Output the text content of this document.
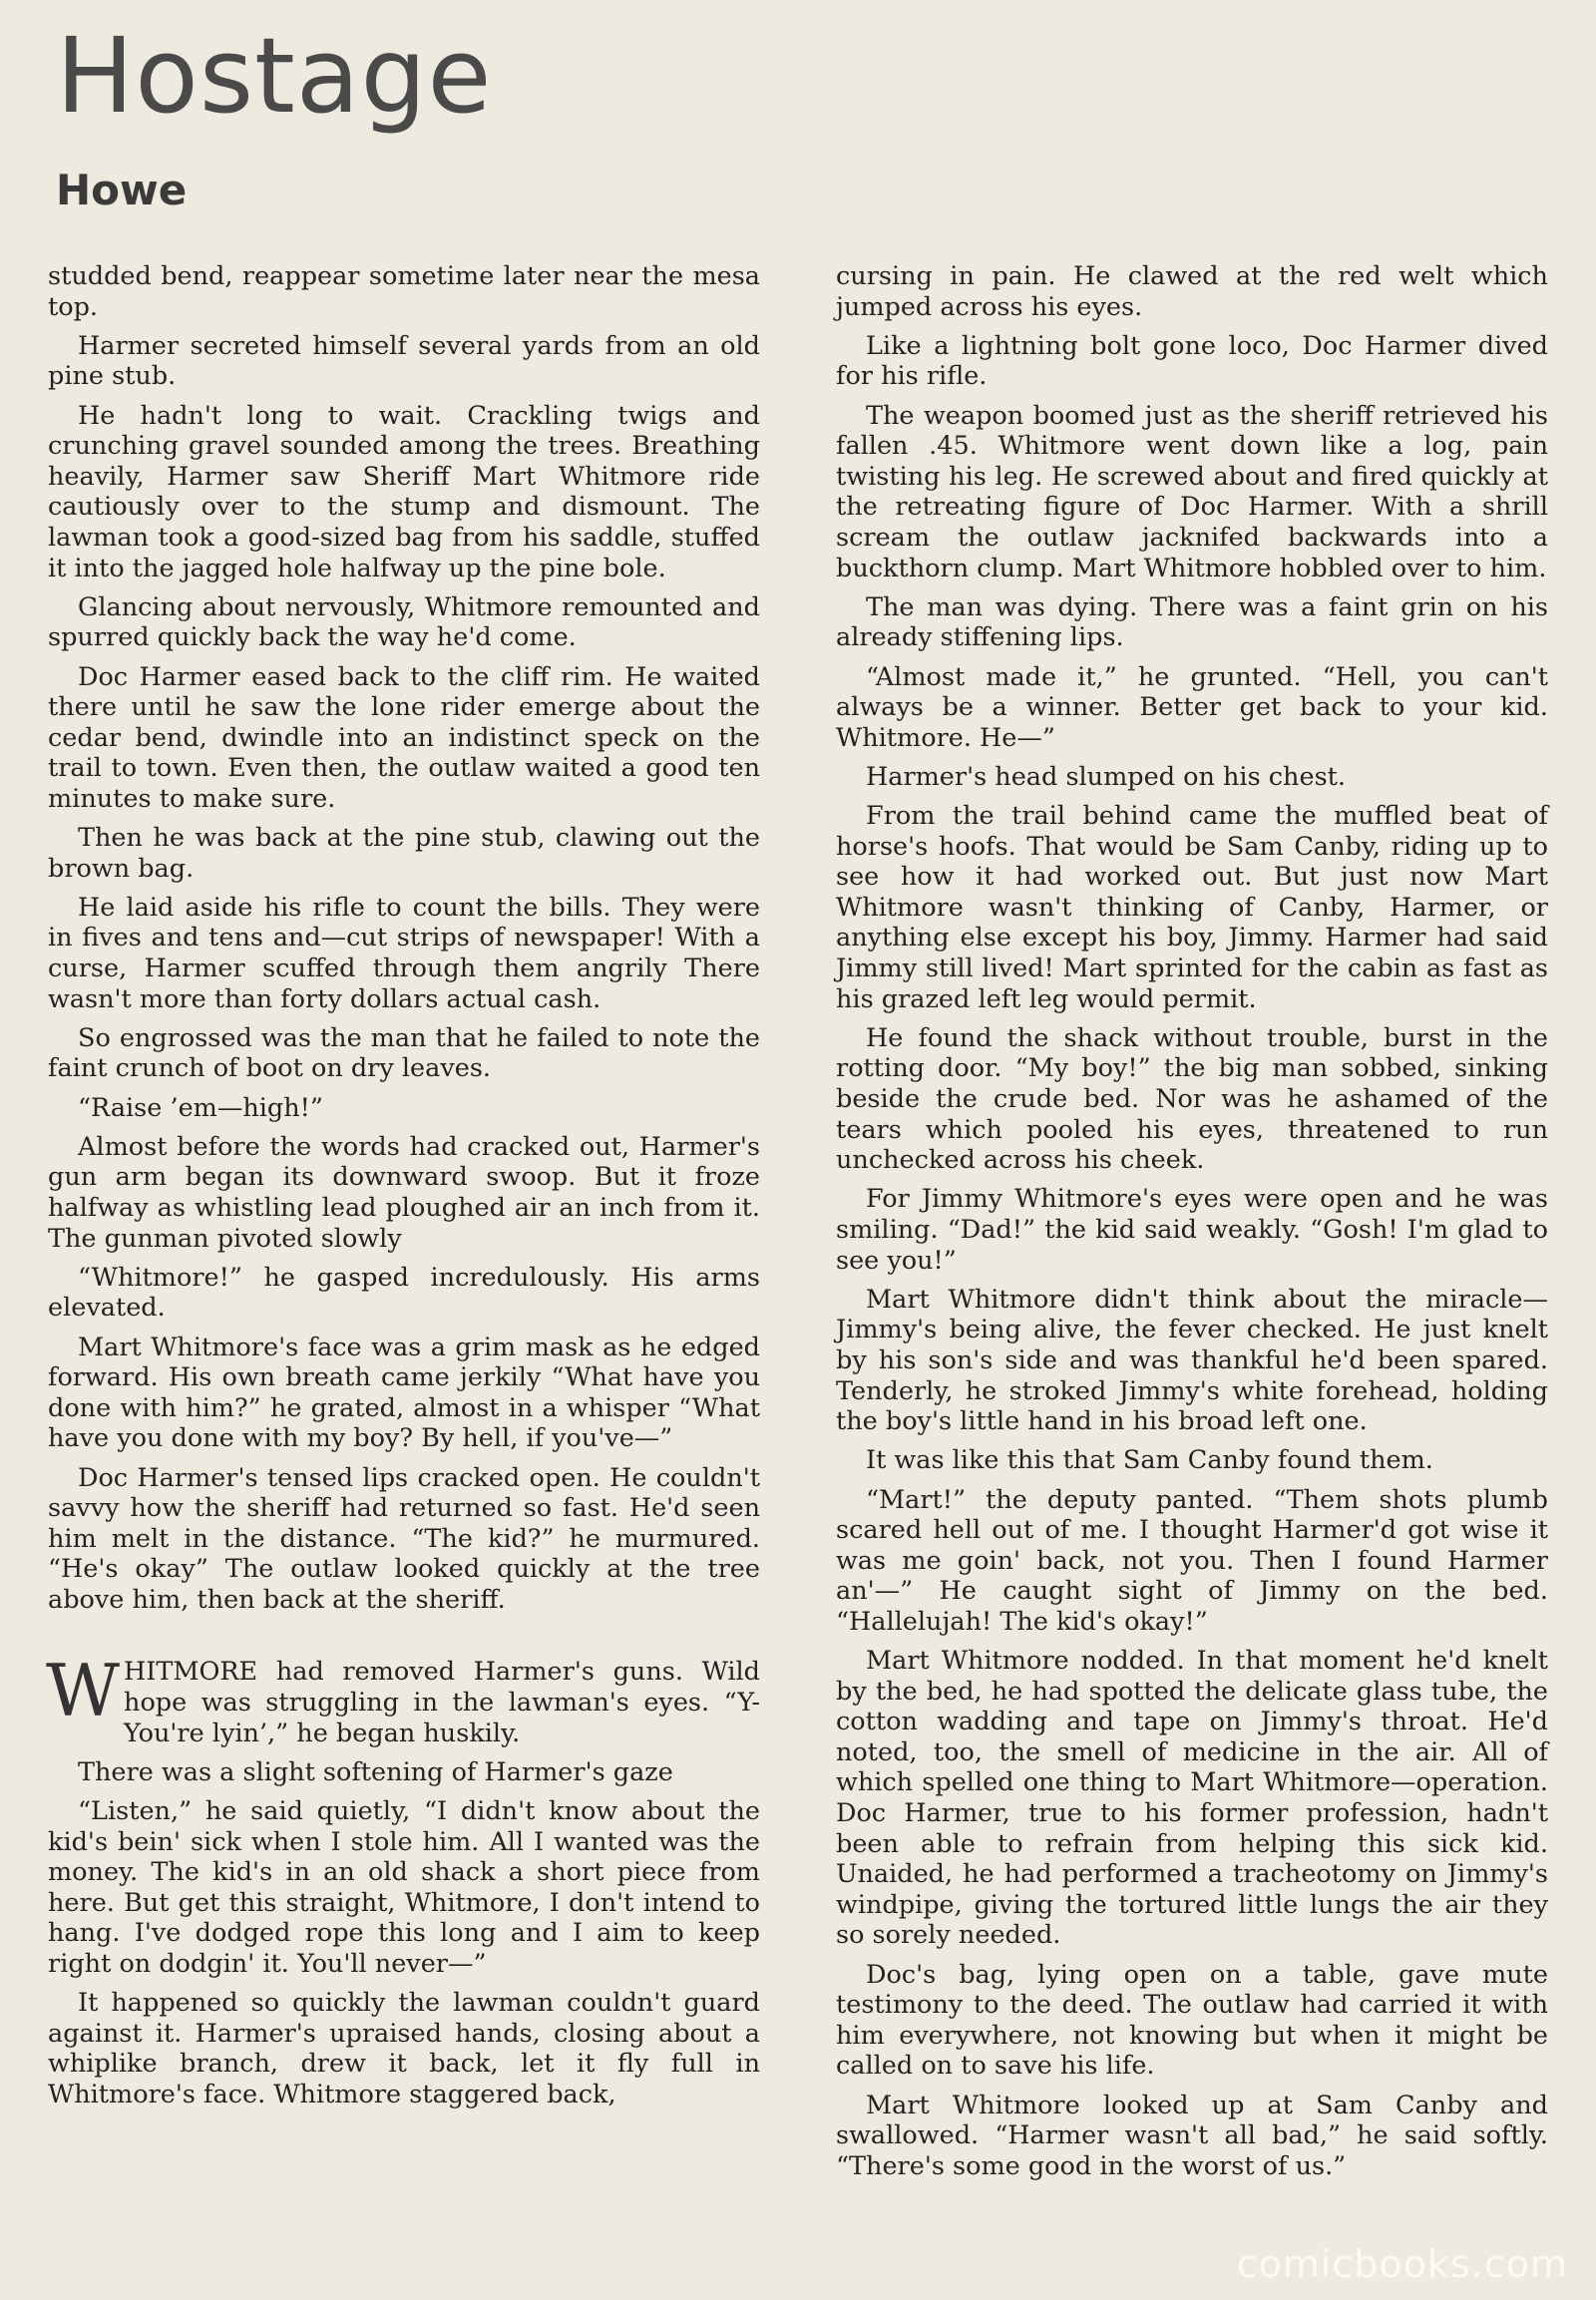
Hostage
Howe

studded bend, reappear sometime later near the mesa top.

Harmer secreted himself several yards from an old pine stub.

He hadn't long to wait. Crackling twigs and crunching gravel sounded among the trees. Breathing heavily, Harmer saw Sheriff Mart Whitmore ride cautiously over to the stump and dismount. The lawman took a good-sized bag from his saddle, stuffed it into the jagged hole halfway up the pine bole.

Glancing about nervously, Whitmore remounted and spurred quickly back the way he'd come.

Doc Harmer eased back to the cliff rim. He waited there until he saw the lone rider emerge about the cedar bend, dwindle into an indistinct speck on the trail to town. Even then, the outlaw waited a good ten minutes to make sure.

Then he was back at the pine stub, clawing out the brown bag.

He laid aside his rifle to count the bills. They were in fives and tens and—cut strips of newspaper! With a curse, Harmer scuffed through them angrily There wasn't more than forty dollars actual cash.

So engrossed was the man that he failed to note the faint crunch of boot on dry leaves.

“Raise ’em—high!”

Almost before the words had cracked out, Harmer's gun arm began its downward swoop. But it froze halfway as whistling lead ploughed air an inch from it. The gunman pivoted slowly

“Whitmore!” he gasped incredulously. His arms elevated.

Mart Whitmore's face was a grim mask as he edged forward. His own breath came jerkily “What have you done with him?” he grated, almost in a whisper “What have you done with my boy? By hell, if you've—”

Doc Harmer's tensed lips cracked open. He couldn't savvy how the sheriff had returned so fast. He'd seen him melt in the distance. “The kid?” he murmured. “He's okay” The outlaw looked quickly at the tree above him, then back at the sheriff.

WHITMORE had removed Harmer's guns. Wild hope was struggling in the lawman's eyes. “Y-You're lyin’,” he began huskily.

There was a slight softening of Harmer's gaze

“Listen,” he said quietly, “I didn't know about the kid's bein' sick when I stole him. All I wanted was the money. The kid's in an old shack a short piece from here. But get this straight, Whitmore, I don't intend to hang. I've dodged rope this long and I aim to keep right on dodgin' it. You'll never—”

It happened so quickly the lawman couldn't guard against it. Harmer's upraised hands, closing about a whiplike branch, drew it back, let it fly full in Whitmore's face. Whitmore staggered back,

cursing in pain. He clawed at the red welt which jumped across his eyes.

Like a lightning bolt gone loco, Doc Harmer dived for his rifle.

The weapon boomed just as the sheriff retrieved his fallen .45. Whitmore went down like a log, pain twisting his leg. He screwed about and fired quickly at the retreating figure of Doc Harmer. With a shrill scream the outlaw jacknifed backwards into a buckthorn clump. Mart Whitmore hobbled over to him.

The man was dying. There was a faint grin on his already stiffening lips.

“Almost made it,” he grunted. “Hell, you can't always be a winner. Better get back to your kid. Whitmore. He—”

Harmer's head slumped on his chest.

From the trail behind came the muffled beat of horse's hoofs. That would be Sam Canby, riding up to see how it had worked out. But just now Mart Whitmore wasn't thinking of Canby, Harmer, or anything else except his boy, Jimmy. Harmer had said Jimmy still lived! Mart sprinted for the cabin as fast as his grazed left leg would permit.

He found the shack without trouble, burst in the rotting door. “My boy!” the big man sobbed, sinking beside the crude bed. Nor was he ashamed of the tears which pooled his eyes, threatened to run unchecked across his cheek.

For Jimmy Whitmore's eyes were open and he was smiling. “Dad!” the kid said weakly. “Gosh! I'm glad to see you!”

Mart Whitmore didn't think about the miracle—Jimmy's being alive, the fever checked. He just knelt by his son's side and was thankful he'd been spared. Tenderly, he stroked Jimmy's white forehead, holding the boy's little hand in his broad left one.

It was like this that Sam Canby found them.

“Mart!” the deputy panted. “Them shots plumb scared hell out of me. I thought Harmer'd got wise it was me goin' back, not you. Then I found Harmer an'—” He caught sight of Jimmy on the bed. “Hallelujah! The kid's okay!”

Mart Whitmore nodded. In that moment he'd knelt by the bed, he had spotted the delicate glass tube, the cotton wadding and tape on Jimmy's throat. He'd noted, too, the smell of medicine in the air. All of which spelled one thing to Mart Whitmore—operation. Doc Harmer, true to his former profession, hadn't been able to refrain from helping this sick kid. Unaided, he had performed a tracheotomy on Jimmy's windpipe, giving the tortured little lungs the air they so sorely needed.

Doc's bag, lying open on a table, gave mute testimony to the deed. The outlaw had carried it with him everywhere, not knowing but when it might be called on to save his life.

Mart Whitmore looked up at Sam Canby and swallowed. “Harmer wasn't all bad,” he said softly. “There's some good in the worst of us.”

comicbooks.com
